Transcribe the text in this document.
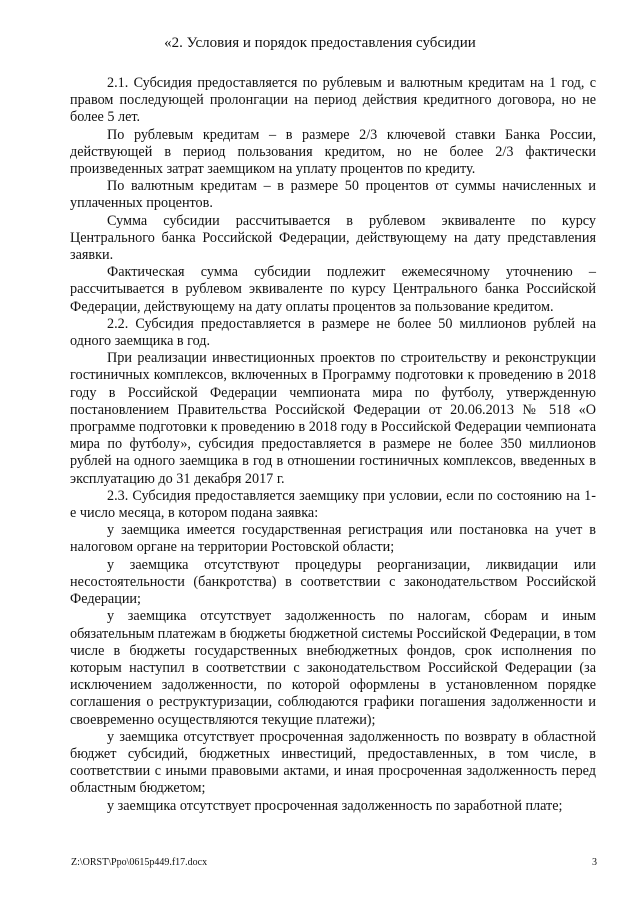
«2. Условия и порядок предоставления субсидии

2.1. Субсидия предоставляется по рублевым и валютным кредитам на 1 год, с правом последующей пролонгации на период действия кредитного договора, но не более 5 лет.

По рублевым кредитам – в размере 2/3 ключевой ставки Банка России, действующей в период пользования кредитом, но не более 2/3 фактически произведенных затрат заемщиком на уплату процентов по кредиту.

По валютным кредитам – в размере 50 процентов от суммы начисленных и уплаченных процентов.

Сумма субсидии рассчитывается в рублевом эквиваленте по курсу Центрального банка Российской Федерации, действующему на дату представления заявки.

Фактическая сумма субсидии подлежит ежемесячному уточнению – рассчитывается в рублевом эквиваленте по курсу Центрального банка Российской Федерации, действующему на дату оплаты процентов за пользование кредитом.

2.2. Субсидия предоставляется в размере не более 50 миллионов рублей на одного заемщика в год.

При реализации инвестиционных проектов по строительству и реконструкции гостиничных комплексов, включенных в Программу подготовки к проведению в 2018 году в Российской Федерации чемпионата мира по футболу, утвержденную постановлением Правительства Российской Федерации от 20.06.2013 № 518 «О программе подготовки к проведению в 2018 году в Российской Федерации чемпионата мира по футболу», субсидия предоставляется в размере не более 350 миллионов рублей на одного заемщика в год в отношении гостиничных комплексов, введенных в эксплуатацию до 31 декабря 2017 г.

2.3. Субсидия предоставляется заемщику при условии, если по состоянию на 1-е число месяца, в котором подана заявка:

у заемщика имеется государственная регистрация или постановка на учет в налоговом органе на территории Ростовской области;

у заемщика отсутствуют процедуры реорганизации, ликвидации или несостоятельности (банкротства) в соответствии с законодательством Российской Федерации;

у заемщика отсутствует задолженность по налогам, сборам и иным обязательным платежам в бюджеты бюджетной системы Российской Федерации, в том числе в бюджеты государственных внебюджетных фондов, срок исполнения по которым наступил в соответствии с законодательством Российской Федерации (за исключением задолженности, по которой оформлены в установленном порядке соглашения о реструктуризации, соблюдаются графики погашения задолженности и своевременно осуществляются текущие платежи);

у заемщика отсутствует просроченная задолженность по возврату в областной бюджет субсидий, бюджетных инвестиций, предоставленных, в том числе, в соответствии с иными правовыми актами, и иная просроченная задолженность перед областным бюджетом;

у заемщика отсутствует просроченная задолженность по заработной плате;

Z:\ORST\Ppo\0615p449.f17.docx	3
